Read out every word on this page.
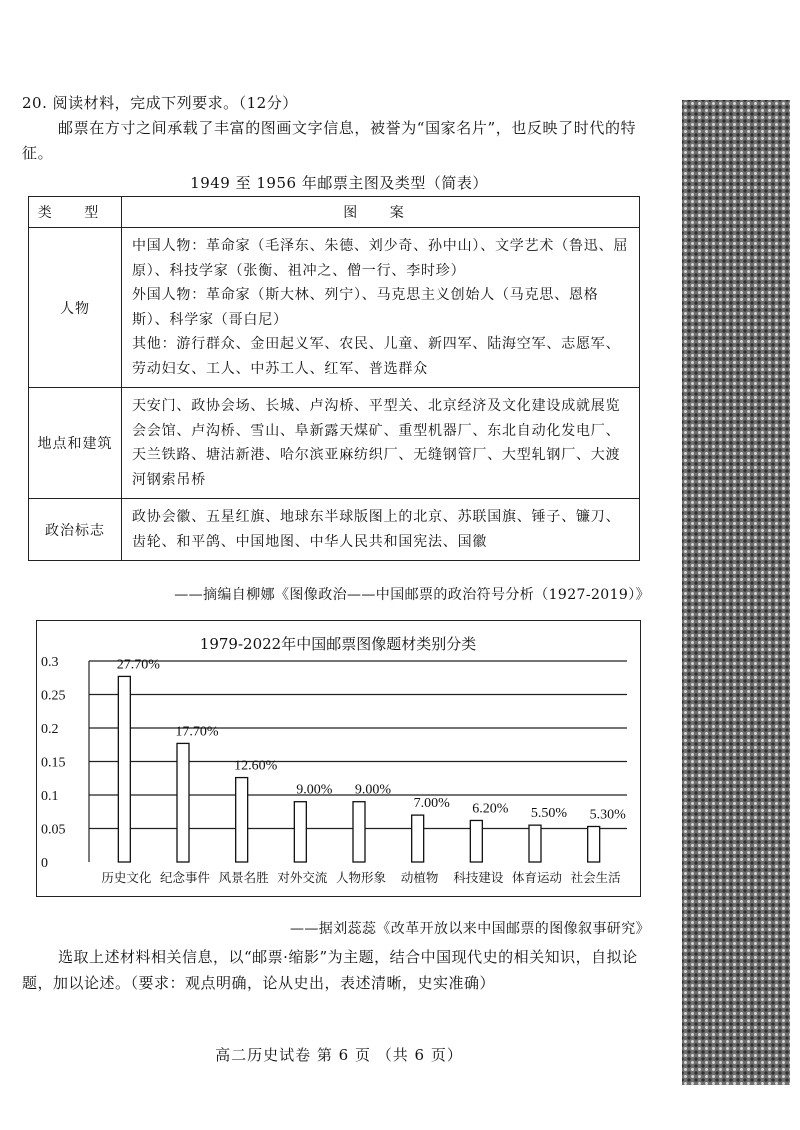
20. 阅读材料，完成下列要求。（12分）
邮票在方寸之间承载了丰富的图画文字信息，被誉为“国家名片”，也反映了时代的特征。
1949 至 1956 年邮票主图及类型（简表）
类 型	图 案
人物	中国人物：革命家（毛泽东、朱德、刘少奇、孙中山）、文学艺术（鲁迅、屈原）、科技学家（张衡、祖冲之、僧一行、李时珍）
外国人物：革命家（斯大林、列宁）、马克思主义创始人（马克思、恩格斯）、科学家（哥白尼）
其他：游行群众、金田起义军、农民、儿童、新四军、陆海空军、志愿军、劳动妇女、工人、中苏工人、红军、普选群众

地点和建筑	天安门、政协会场、长城、卢沟桥、平型关、北京经济及文化建设成就展览会会馆、卢沟桥、雪山、阜新露天煤矿、重型机器厂、东北自动化发电厂、天兰铁路、塘沽新港、哈尔滨亚麻纺织厂、无缝钢管厂、大型轧钢厂、大渡河钢索吊桥

政治标志	政协会徽、五星红旗、地球东半球版图上的北京、苏联国旗、锤子、镰刀、齿轮、和平鸽、中国地图、中华人民共和国宪法、国徽
——摘编自柳娜《图像政治——中国邮票的政治符号分析（1927-2019）》
1979-2022年中国邮票图像题材类别分类
0
0.05
0.1
0.15
0.2
0.25
0.3	27.70%
历史文化
17.70%
纪念事件
12.60%
风景名胜
9.00%
对外交流
9.00%
人物形象
7.00%
动植物
6.20%
科技建设
5.50%
体育运动
5.30%
社会生活
——据刘蕊蕊《改革开放以来中国邮票的图像叙事研究》
选取上述材料相关信息，以“邮票·缩影”为主题，结合中国现代史的相关知识，自拟论题，加以论述。（要求：观点明确，论从史出，表述清晰，史实准确）
高二历史试卷 第 6 页 （共 6 页）
